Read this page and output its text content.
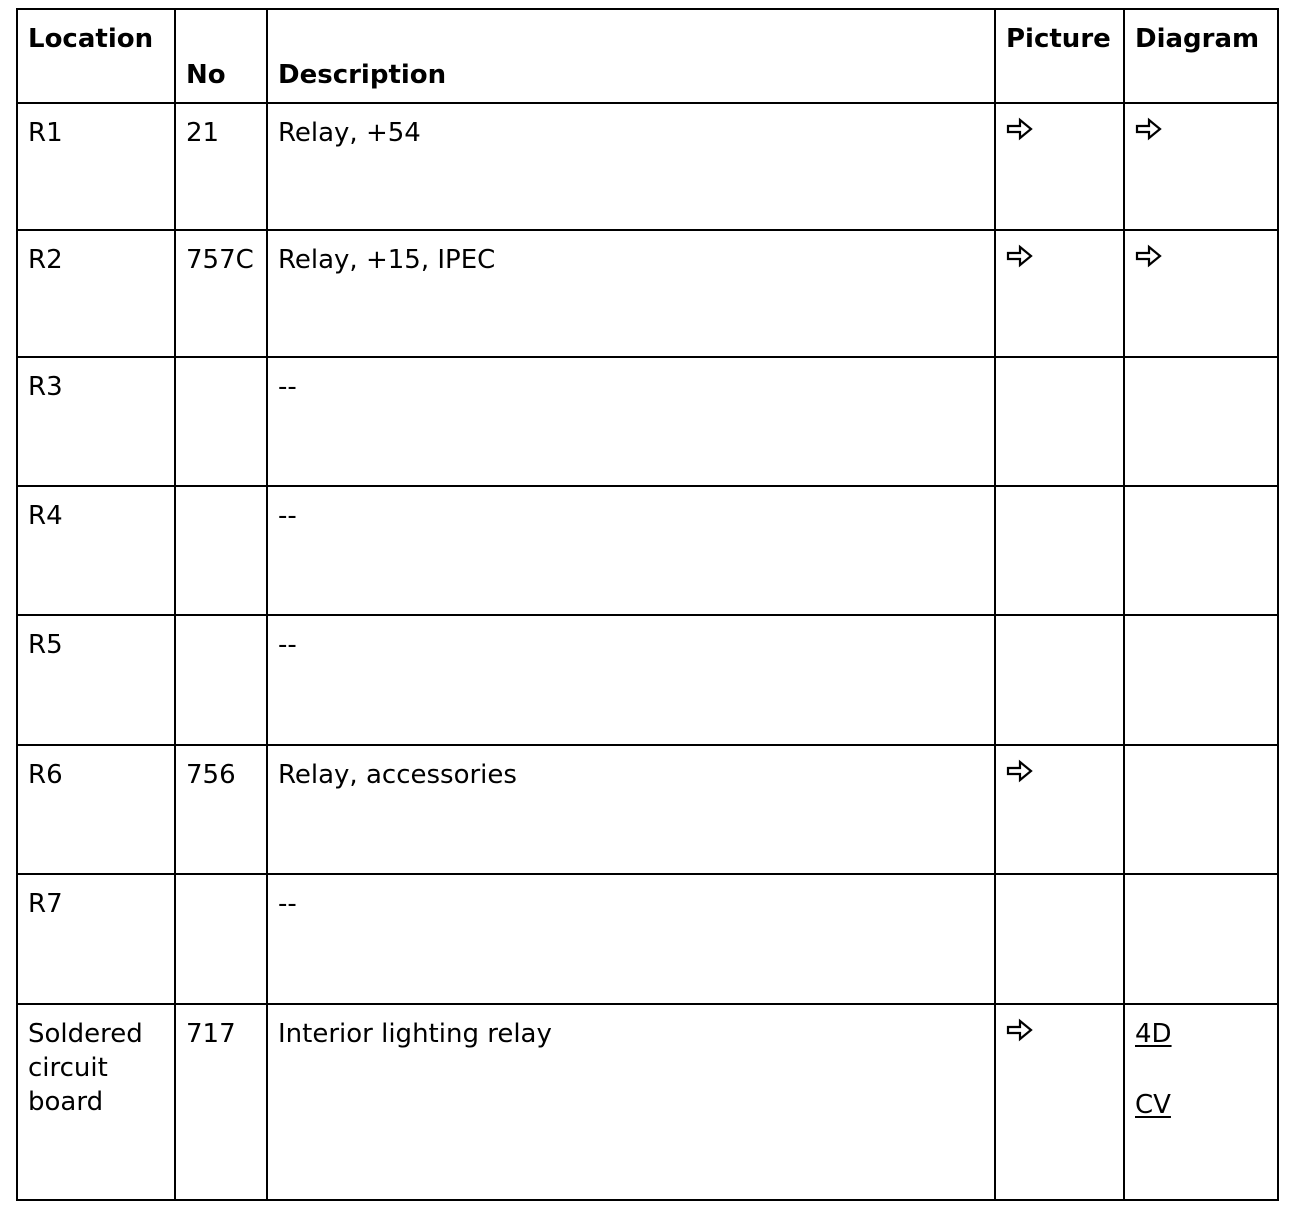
Location	No	Description	Picture	Diagram

R1	21	Relay, +54

R2	757C	Relay, +15, IPEC

R3		--		

R4		--		

R5		--		

R6	756	Relay, accessories

R7		--		

Soldered circuit board	717	Interior lighting relay		4D
CV
